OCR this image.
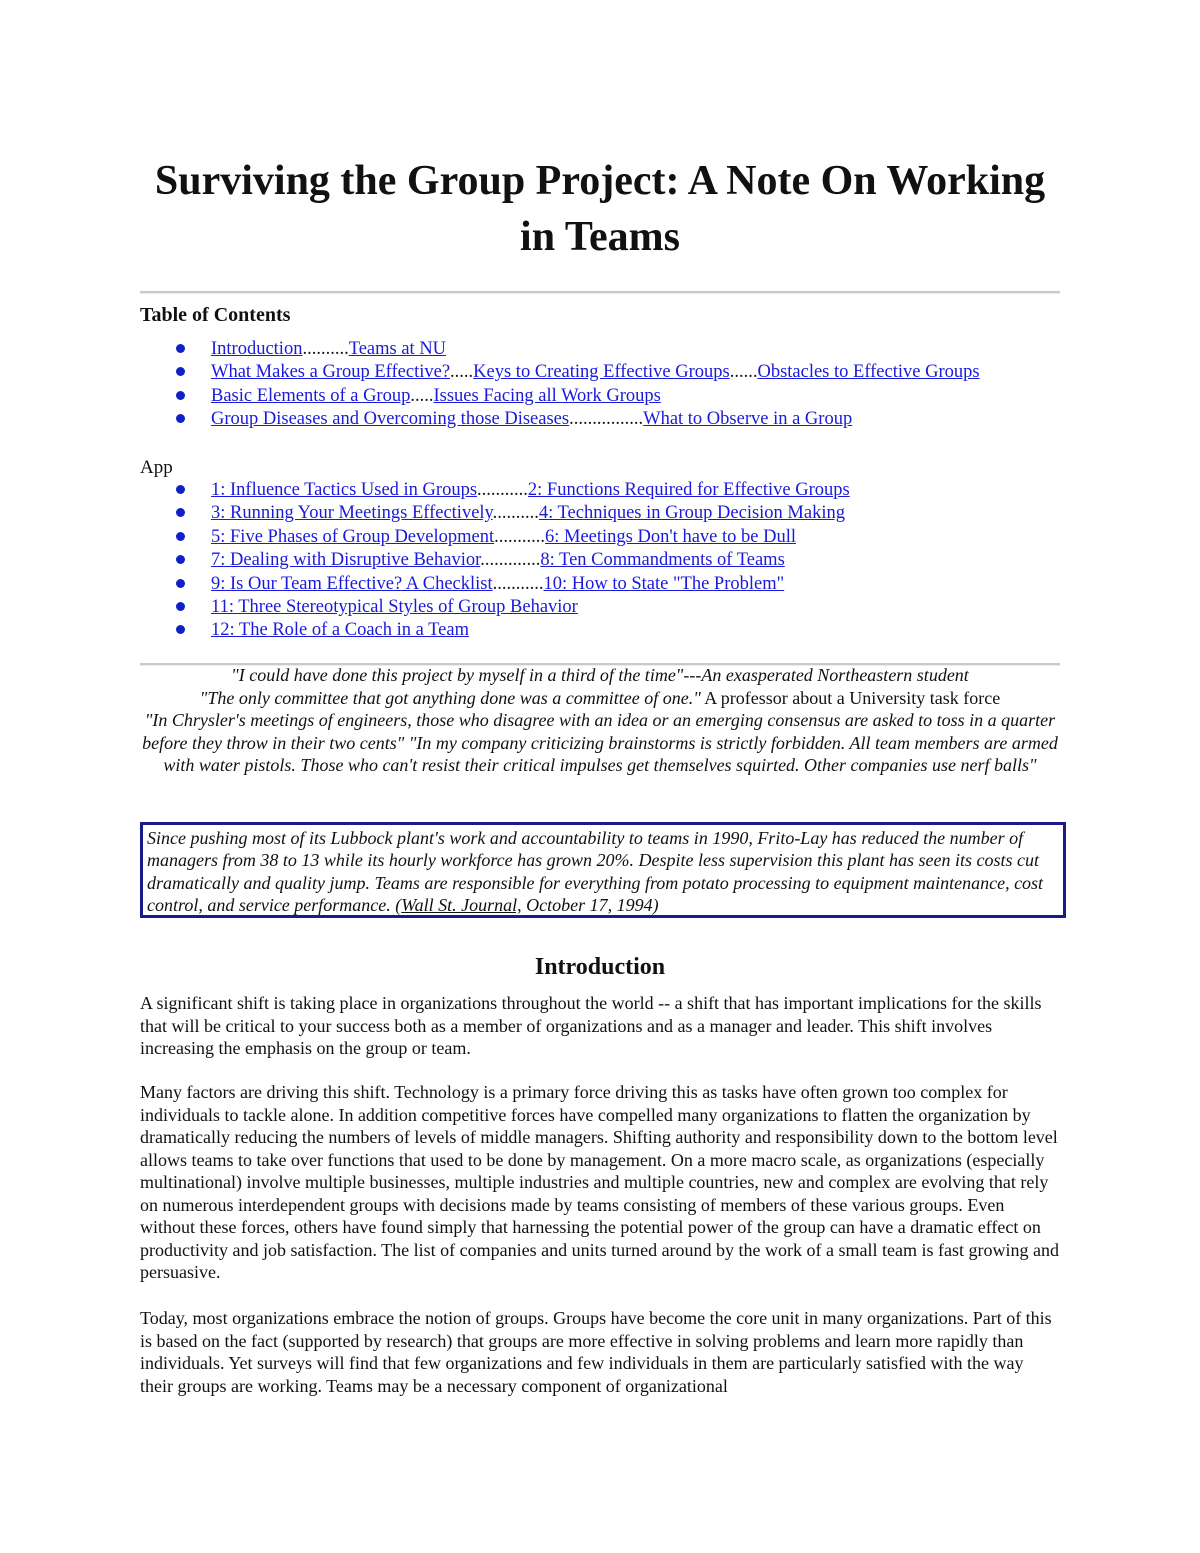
Surviving the Group Project: A Note On Working in Teams
Table of Contents
Introduction..........Teams at NU
What Makes a Group Effective?.....Keys to Creating Effective Groups......Obstacles to Effective Groups
Basic Elements of a Group.....Issues Facing all Work Groups
Group Diseases and Overcoming those Diseases................What to Observe in a Group
App
1: Influence Tactics Used in Groups...........2: Functions Required for Effective Groups
3: Running Your Meetings Effectively..........4: Techniques in Group Decision Making
5: Five Phases of Group Development...........6: Meetings Don't have to be Dull
7: Dealing with Disruptive Behavior.............8: Ten Commandments of Teams
9: Is Our Team Effective? A Checklist...........10: How to State "The Problem"
11: Three Stereotypical Styles of Group Behavior
12: The Role of a Coach in a Team

"I could have done this project by myself in a third of the time"---An exasperated Northeastern student

"The only committee that got anything done was a committee of one." A professor about a University task force

"In Chrysler's meetings of engineers, those who disagree with an idea or an emerging consensus are asked to toss in a quarter before they throw in their two cents" "In my company criticizing brainstorms is strictly forbidden. All team members are armed with water pistols. Those who can't resist their critical impulses get themselves squirted. Other companies use nerf balls"

Since pushing most of its Lubbock plant's work and accountability to teams in 1990, Frito-Lay has reduced the number of managers from 38 to 13 while its hourly workforce has grown 20%. Despite less supervision this plant has seen its costs cut dramatically and quality jump. Teams are responsible for everything from potato processing to equipment maintenance, cost control, and service performance. (Wall St. Journal, October 17, 1994)
Introduction

A significant shift is taking place in organizations throughout the world -- a shift that has important implications for the skills that will be critical to your success both as a member of organizations and as a manager and leader. This shift involves increasing the emphasis on the group or team.

Many factors are driving this shift. Technology is a primary force driving this as tasks have often grown too complex for individuals to tackle alone. In addition competitive forces have compelled many organizations to flatten the organization by dramatically reducing the numbers of levels of middle managers. Shifting authority and responsibility down to the bottom level allows teams to take over functions that used to be done by management. On a more macro scale, as organizations (especially multinational) involve multiple businesses, multiple industries and multiple countries, new and complex are evolving that rely on numerous interdependent groups with decisions made by teams consisting of members of these various groups. Even without these forces, others have found simply that harnessing the potential power of the group can have a dramatic effect on productivity and job satisfaction. The list of companies and units turned around by the work of a small team is fast growing and persuasive.

Today, most organizations embrace the notion of groups. Groups have become the core unit in many organizations. Part of this is based on the fact (supported by research) that groups are more effective in solving problems and learn more rapidly than individuals. Yet surveys will find that few organizations and few individuals in them are particularly satisfied with the way their groups are working. Teams may be a necessary component of organizational
